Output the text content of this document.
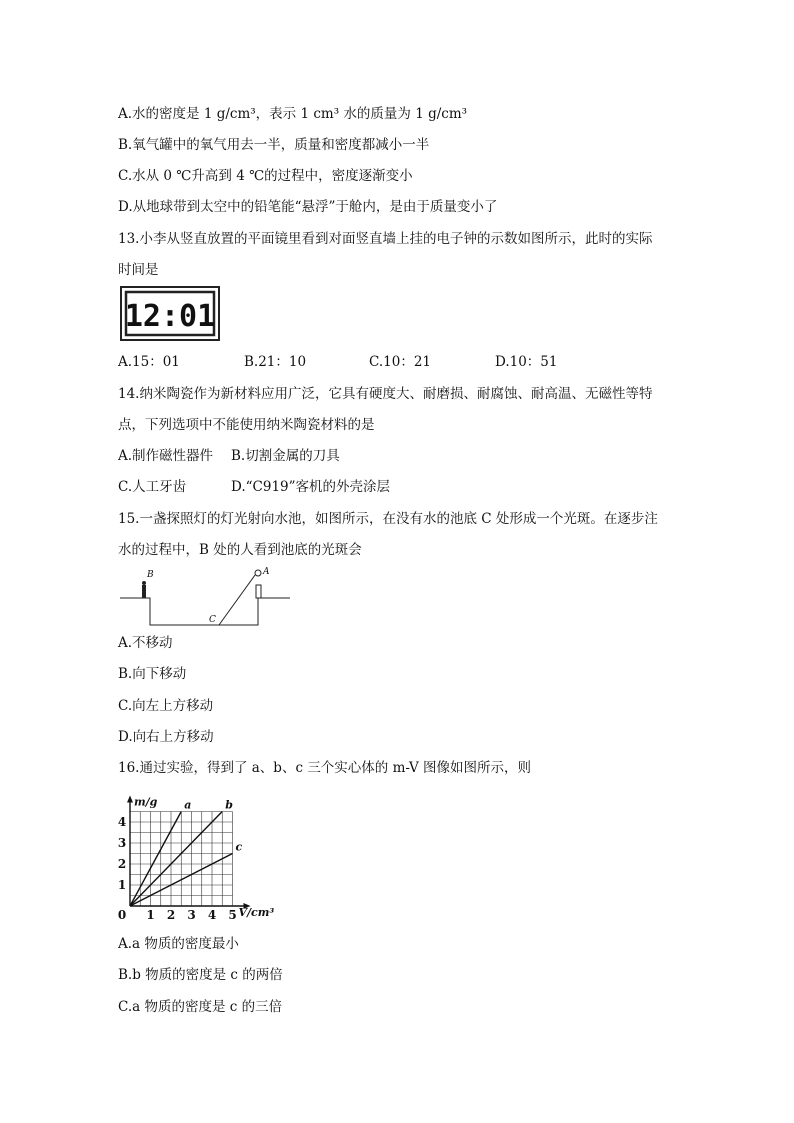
A.水的密度是 1 g/cm³，表示 1 cm³ 水的质量为 1 g/cm³
B.氧气罐中的氧气用去一半，质量和密度都减小一半
C.水从 0 ℃升高到 4 ℃的过程中，密度逐渐变小
D.从地球带到太空中的铅笔能“悬浮”于舱内，是由于质量变小了
13.小李从竖直放置的平面镜里看到对面竖直墙上挂的电子钟的示数如图所示，此时的实际
时间是
12:01
A.15：01	B.21：10	C.10：21	D.10：51
14.纳米陶瓷作为新材料应用广泛，它具有硬度大、耐磨损、耐腐蚀、耐高温、无磁性等特
点，下列选项中不能使用纳米陶瓷材料的是
A.制作磁性器件 B.切割金属的刀具
C.人工牙齿	D.“C919”客机的外壳涂层
15.一盏探照灯的灯光射向水池，如图所示，在没有水的池底 C 处形成一个光斑。在逐步注
水的过程中，B 处的人看到池底的光斑会
B	A
C
A.不移动
B.向下移动
C.向左上方移动
D.向右上方移动
16.通过实验，得到了 a、b、c 三个实心体的 m-V 图像如图所示，则
0 1 2 3 4 5
1
2
3
4
m/g
V/cm³
a	b
c
A.a 物质的密度最小
B.b 物质的密度是 c 的两倍
C.a 物质的密度是 c 的三倍
